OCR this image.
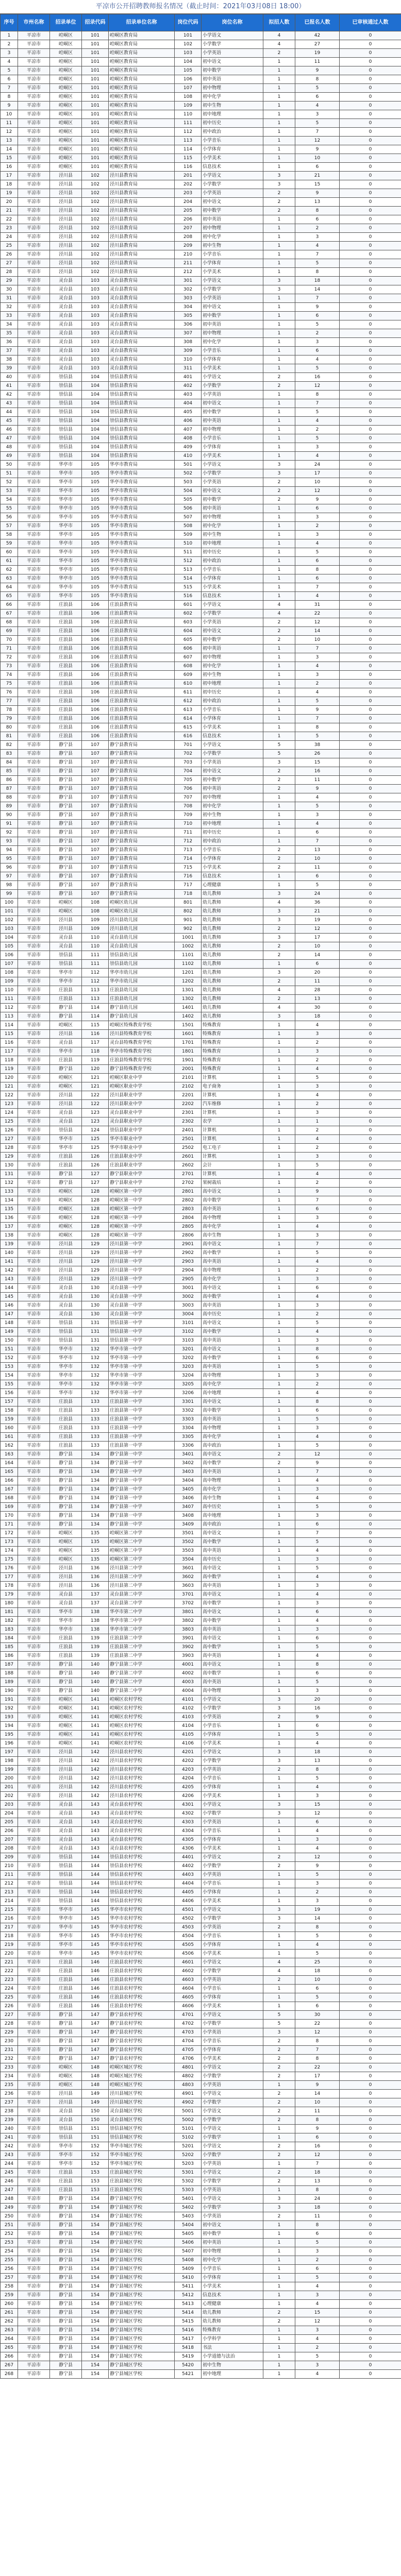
平凉市公开招聘教师报名情况（截止时间：2021年03月08日 18:00）
序号	市州名称	招录单位	招录代码	招录单位名称	岗位代码	岗位名称	拟招人数	已报名人数	已审核通过人数
1	平凉市	崆峒区	101	崆峒区教育局	101	小学语文	4	42	0
2	平凉市	崆峒区	101	崆峒区教育局	102	小学数学	4	27	0
3	平凉市	崆峒区	101	崆峒区教育局	103	小学英语	2	19	0
4	平凉市	崆峒区	101	崆峒区教育局	104	初中语文	1	11	0
5	平凉市	崆峒区	101	崆峒区教育局	105	初中数学	1	9	0
6	平凉市	崆峒区	101	崆峒区教育局	106	初中英语	1	8	0
7	平凉市	崆峒区	101	崆峒区教育局	107	初中物理	1	5	0
8	平凉市	崆峒区	101	崆峒区教育局	108	初中化学	1	6	0
9	平凉市	崆峒区	101	崆峒区教育局	109	初中生物	1	4	0
10	平凉市	崆峒区	101	崆峒区教育局	110	初中地理	1	3	0
11	平凉市	崆峒区	101	崆峒区教育局	111	初中历史	1	5	0
12	平凉市	崆峒区	101	崆峒区教育局	112	初中政治	1	7	0
13	平凉市	崆峒区	101	崆峒区教育局	113	小学音乐	1	12	0
14	平凉市	崆峒区	101	崆峒区教育局	114	小学体育	1	9	0
15	平凉市	崆峒区	101	崆峒区教育局	115	小学美术	1	10	0
16	平凉市	崆峒区	101	崆峒区教育局	116	信息技术	1	6	0
17	平凉市	泾川县	102	泾川县教育局	201	小学语文	3	21	0
18	平凉市	泾川县	102	泾川县教育局	202	小学数学	3	15	0
19	平凉市	泾川县	102	泾川县教育局	203	小学英语	2	9	0
20	平凉市	泾川县	102	泾川县教育局	204	初中语文	2	13	0
21	平凉市	泾川县	102	泾川县教育局	205	初中数学	2	8	0
22	平凉市	泾川县	102	泾川县教育局	206	初中英语	1	6	0
23	平凉市	泾川县	102	泾川县教育局	207	初中物理	1	2	0
24	平凉市	泾川县	102	泾川县教育局	208	初中化学	1	3	0
25	平凉市	泾川县	102	泾川县教育局	209	初中生物	1	4	0
26	平凉市	泾川县	102	泾川县教育局	210	小学音乐	1	7	0
27	平凉市	泾川县	102	泾川县教育局	211	小学体育	1	5	0
28	平凉市	泾川县	102	泾川县教育局	212	小学美术	1	8	0
29	平凉市	灵台县	103	灵台县教育局	301	小学语文	3	18	0
30	平凉市	灵台县	103	灵台县教育局	302	小学数学	3	14	0
31	平凉市	灵台县	103	灵台县教育局	303	小学英语	1	7	0
32	平凉市	灵台县	103	灵台县教育局	304	初中语文	1	9	0
33	平凉市	灵台县	103	灵台县教育局	305	初中数学	1	6	0
34	平凉市	灵台县	103	灵台县教育局	306	初中英语	1	5	0
35	平凉市	灵台县	103	灵台县教育局	307	初中物理	1	2	0
36	平凉市	灵台县	103	灵台县教育局	308	初中化学	1	3	0
37	平凉市	灵台县	103	灵台县教育局	309	小学音乐	1	6	0
38	平凉市	灵台县	103	灵台县教育局	310	小学体育	1	4	0
39	平凉市	灵台县	103	灵台县教育局	311	小学美术	1	5	0
40	平凉市	崇信县	104	崇信县教育局	401	小学语文	2	16	0
41	平凉市	崇信县	104	崇信县教育局	402	小学数学	2	12	0
42	平凉市	崇信县	104	崇信县教育局	403	小学英语	1	8	0
43	平凉市	崇信县	104	崇信县教育局	404	初中语文	1	7	0
44	平凉市	崇信县	104	崇信县教育局	405	初中数学	1	5	0
45	平凉市	崇信县	104	崇信县教育局	406	初中英语	1	4	0
46	平凉市	崇信县	104	崇信县教育局	407	初中物理	1	2	0
47	平凉市	崇信县	104	崇信县教育局	408	小学音乐	1	5	0
48	平凉市	崇信县	104	崇信县教育局	409	小学体育	1	3	0
49	平凉市	崇信县	104	崇信县教育局	410	小学美术	1	4	0
50	平凉市	华亭市	105	华亭市教育局	501	小学语文	3	24	0
51	平凉市	华亭市	105	华亭市教育局	502	小学数学	3	17	0
52	平凉市	华亭市	105	华亭市教育局	503	小学英语	2	10	0
53	平凉市	华亭市	105	华亭市教育局	504	初中语文	2	12	0
54	平凉市	华亭市	105	华亭市教育局	505	初中数学	2	9	0
55	平凉市	华亭市	105	华亭市教育局	506	初中英语	1	6	0
56	平凉市	华亭市	105	华亭市教育局	507	初中物理	1	3	0
57	平凉市	华亭市	105	华亭市教育局	508	初中化学	1	2	0
58	平凉市	华亭市	105	华亭市教育局	509	初中生物	1	3	0
59	平凉市	华亭市	105	华亭市教育局	510	初中地理	1	4	0
60	平凉市	华亭市	105	华亭市教育局	511	初中历史	1	5	0
61	平凉市	华亭市	105	华亭市教育局	512	初中政治	1	6	0
62	平凉市	华亭市	105	华亭市教育局	513	小学音乐	1	8	0
63	平凉市	华亭市	105	华亭市教育局	514	小学体育	1	6	0
64	平凉市	华亭市	105	华亭市教育局	515	小学美术	1	7	0
65	平凉市	华亭市	105	华亭市教育局	516	信息技术	1	4	0
66	平凉市	庄浪县	106	庄浪县教育局	601	小学语文	4	31	0
67	平凉市	庄浪县	106	庄浪县教育局	602	小学数学	4	22	0
68	平凉市	庄浪县	106	庄浪县教育局	603	小学英语	2	12	0
69	平凉市	庄浪县	106	庄浪县教育局	604	初中语文	2	14	0
70	平凉市	庄浪县	106	庄浪县教育局	605	初中数学	2	10	0
71	平凉市	庄浪县	106	庄浪县教育局	606	初中英语	1	7	0
72	平凉市	庄浪县	106	庄浪县教育局	607	初中物理	1	3	0
73	平凉市	庄浪县	106	庄浪县教育局	608	初中化学	1	4	0
74	平凉市	庄浪县	106	庄浪县教育局	609	初中生物	1	3	0
75	平凉市	庄浪县	106	庄浪县教育局	610	初中地理	1	2	0
76	平凉市	庄浪县	106	庄浪县教育局	611	初中历史	1	4	0
77	平凉市	庄浪县	106	庄浪县教育局	612	初中政治	1	5	0
78	平凉市	庄浪县	106	庄浪县教育局	613	小学音乐	1	9	0
79	平凉市	庄浪县	106	庄浪县教育局	614	小学体育	1	7	0
80	平凉市	庄浪县	106	庄浪县教育局	615	小学美术	1	8	0
81	平凉市	庄浪县	106	庄浪县教育局	616	信息技术	1	5	0
82	平凉市	静宁县	107	静宁县教育局	701	小学语文	5	38	0
83	平凉市	静宁县	107	静宁县教育局	702	小学数学	5	26	0
84	平凉市	静宁县	107	静宁县教育局	703	小学英语	3	15	0
85	平凉市	静宁县	107	静宁县教育局	704	初中语文	2	16	0
86	平凉市	静宁县	107	静宁县教育局	705	初中数学	2	11	0
87	平凉市	静宁县	107	静宁县教育局	706	初中英语	2	9	0
88	平凉市	静宁县	107	静宁县教育局	707	初中物理	1	4	0
89	平凉市	静宁县	107	静宁县教育局	708	初中化学	1	5	0
90	平凉市	静宁县	107	静宁县教育局	709	初中生物	1	3	0
91	平凉市	静宁县	107	静宁县教育局	710	初中地理	1	4	0
92	平凉市	静宁县	107	静宁县教育局	711	初中历史	1	6	0
93	平凉市	静宁县	107	静宁县教育局	712	初中政治	1	7	0
94	平凉市	静宁县	107	静宁县教育局	713	小学音乐	2	13	0
95	平凉市	静宁县	107	静宁县教育局	714	小学体育	2	10	0
96	平凉市	静宁县	107	静宁县教育局	715	小学美术	2	11	0
97	平凉市	静宁县	107	静宁县教育局	716	信息技术	1	6	0
98	平凉市	静宁县	107	静宁县教育局	717	心理健康	1	5	0
99	平凉市	静宁县	107	静宁县教育局	718	幼儿教师	3	24	0
100	平凉市	崆峒区	108	崆峒区幼儿园	801	幼儿教师	4	36	0
101	平凉市	崆峒区	108	崆峒区幼儿园	802	幼儿教师	3	21	0
102	平凉市	泾川县	109	泾川县幼儿园	901	幼儿教师	3	19	0
103	平凉市	泾川县	109	泾川县幼儿园	902	幼儿教师	2	12	0
104	平凉市	灵台县	110	灵台县幼儿园	1001	幼儿教师	3	17	0
105	平凉市	灵台县	110	灵台县幼儿园	1002	幼儿教师	2	10	0
106	平凉市	崇信县	111	崇信县幼儿园	1101	幼儿教师	2	14	0
107	平凉市	崇信县	111	崇信县幼儿园	1102	幼儿教师	1	6	0
108	平凉市	华亭市	112	华亭市幼儿园	1201	幼儿教师	3	20	0
109	平凉市	华亭市	112	华亭市幼儿园	1202	幼儿教师	2	11	0
110	平凉市	庄浪县	113	庄浪县幼儿园	1301	幼儿教师	4	28	0
111	平凉市	庄浪县	113	庄浪县幼儿园	1302	幼儿教师	2	13	0
112	平凉市	静宁县	114	静宁县幼儿园	1401	幼儿教师	4	30	0
113	平凉市	静宁县	114	静宁县幼儿园	1402	幼儿教师	3	18	0
114	平凉市	崆峒区	115	崆峒区特殊教育学校	1501	特殊教育	1	4	0
115	平凉市	泾川县	116	泾川县特殊教育学校	1601	特殊教育	1	3	0
116	平凉市	灵台县	117	灵台县特殊教育学校	1701	特殊教育	1	2	0
117	平凉市	华亭市	118	华亭市特殊教育学校	1801	特殊教育	1	3	0
118	平凉市	庄浪县	119	庄浪县特殊教育学校	1901	特殊教育	1	2	0
119	平凉市	静宁县	120	静宁县特殊教育学校	2001	特殊教育	1	4	0
120	平凉市	崆峒区	121	崆峒区职业中学	2101	计算机	1	5	0
121	平凉市	崆峒区	121	崆峒区职业中学	2102	电子商务	1	3	0
122	平凉市	泾川县	122	泾川县职业中学	2201	计算机	1	4	0
123	平凉市	泾川县	122	泾川县职业中学	2202	汽车维修	1	2	0
124	平凉市	灵台县	123	灵台县职业中学	2301	计算机	1	3	0
125	平凉市	灵台县	123	灵台县职业中学	2302	农学	1	1	0
126	平凉市	崇信县	124	崇信县职业中学	2401	计算机	1	2	0
127	平凉市	华亭市	125	华亭市职业中学	2501	计算机	1	4	0
128	平凉市	华亭市	125	华亭市职业中学	2502	电工电子	1	2	0
129	平凉市	庄浪县	126	庄浪县职业中学	2601	计算机	1	3	0
130	平凉市	庄浪县	126	庄浪县职业中学	2602	会计	1	5	0
131	平凉市	静宁县	127	静宁县职业中学	2701	计算机	1	4	0
132	平凉市	静宁县	127	静宁县职业中学	2702	果树栽培	1	2	0
133	平凉市	崆峒区	128	崆峒区第一中学	2801	高中语文	1	9	0
134	平凉市	崆峒区	128	崆峒区第一中学	2802	高中数学	1	7	0
135	平凉市	崆峒区	128	崆峒区第一中学	2803	高中英语	1	6	0
136	平凉市	崆峒区	128	崆峒区第一中学	2804	高中物理	1	3	0
137	平凉市	崆峒区	128	崆峒区第一中学	2805	高中化学	1	4	0
138	平凉市	崆峒区	128	崆峒区第一中学	2806	高中生物	1	3	0
139	平凉市	泾川县	129	泾川县第一中学	2901	高中语文	1	7	0
140	平凉市	泾川县	129	泾川县第一中学	2902	高中数学	1	5	0
141	平凉市	泾川县	129	泾川县第一中学	2903	高中英语	1	4	0
142	平凉市	泾川县	129	泾川县第一中学	2904	高中物理	1	2	0
143	平凉市	泾川县	129	泾川县第一中学	2905	高中化学	1	3	0
144	平凉市	灵台县	130	灵台县第一中学	3001	高中语文	1	6	0
145	平凉市	灵台县	130	灵台县第一中学	3002	高中数学	1	4	0
146	平凉市	灵台县	130	灵台县第一中学	3003	高中英语	1	3	0
147	平凉市	灵台县	130	灵台县第一中学	3004	高中历史	1	2	0
148	平凉市	崇信县	131	崇信县第一中学	3101	高中语文	1	5	0
149	平凉市	崇信县	131	崇信县第一中学	3102	高中数学	1	4	0
150	平凉市	崇信县	131	崇信县第一中学	3103	高中英语	1	3	0
151	平凉市	华亭市	132	华亭市第一中学	3201	高中语文	1	8	0
152	平凉市	华亭市	132	华亭市第一中学	3202	高中数学	1	6	0
153	平凉市	华亭市	132	华亭市第一中学	3203	高中英语	1	5	0
154	平凉市	华亭市	132	华亭市第一中学	3204	高中物理	1	3	0
155	平凉市	华亭市	132	华亭市第一中学	3205	高中化学	1	2	0
156	平凉市	华亭市	132	华亭市第一中学	3206	高中地理	1	4	0
157	平凉市	庄浪县	133	庄浪县第一中学	3301	高中语文	1	8	0
158	平凉市	庄浪县	133	庄浪县第一中学	3302	高中数学	1	6	0
159	平凉市	庄浪县	133	庄浪县第一中学	3303	高中英语	1	5	0
160	平凉市	庄浪县	133	庄浪县第一中学	3304	高中物理	1	3	0
161	平凉市	庄浪县	133	庄浪县第一中学	3305	高中化学	1	4	0
162	平凉市	庄浪县	133	庄浪县第一中学	3306	高中政治	1	5	0
163	平凉市	静宁县	134	静宁县第一中学	3401	高中语文	2	12	0
164	平凉市	静宁县	134	静宁县第一中学	3402	高中数学	2	9	0
165	平凉市	静宁县	134	静宁县第一中学	3403	高中英语	1	7	0
166	平凉市	静宁县	134	静宁县第一中学	3404	高中物理	1	4	0
167	平凉市	静宁县	134	静宁县第一中学	3405	高中化学	1	3	0
168	平凉市	静宁县	134	静宁县第一中学	3406	高中生物	1	4	0
169	平凉市	静宁县	134	静宁县第一中学	3407	高中历史	1	5	0
170	平凉市	静宁县	134	静宁县第一中学	3408	高中地理	1	3	0
171	平凉市	静宁县	134	静宁县第一中学	3409	高中政治	1	6	0
172	平凉市	崆峒区	135	崆峒区第二中学	3501	高中语文	1	7	0
173	平凉市	崆峒区	135	崆峒区第二中学	3502	高中数学	1	5	0
174	平凉市	崆峒区	135	崆峒区第二中学	3503	高中英语	1	4	0
175	平凉市	崆峒区	135	崆峒区第二中学	3504	高中历史	1	3	0
176	平凉市	泾川县	136	泾川县第二中学	3601	高中语文	1	5	0
177	平凉市	泾川县	136	泾川县第二中学	3602	高中数学	1	4	0
178	平凉市	泾川县	136	泾川县第二中学	3603	高中英语	1	3	0
179	平凉市	灵台县	137	灵台县第二中学	3701	高中语文	1	4	0
180	平凉市	灵台县	137	灵台县第二中学	3702	高中数学	1	3	0
181	平凉市	华亭市	138	华亭市第二中学	3801	高中语文	1	6	0
182	平凉市	华亭市	138	华亭市第二中学	3802	高中数学	1	4	0
183	平凉市	华亭市	138	华亭市第二中学	3803	高中英语	1	3	0
184	平凉市	庄浪县	139	庄浪县第二中学	3901	高中语文	1	6	0
185	平凉市	庄浪县	139	庄浪县第二中学	3902	高中数学	1	5	0
186	平凉市	庄浪县	139	庄浪县第二中学	3903	高中英语	1	4	0
187	平凉市	静宁县	140	静宁县第二中学	4001	高中语文	1	8	0
188	平凉市	静宁县	140	静宁县第二中学	4002	高中数学	1	6	0
189	平凉市	静宁县	140	静宁县第二中学	4003	高中英语	1	5	0
190	平凉市	静宁县	140	静宁县第二中学	4004	高中物理	1	3	0
191	平凉市	崆峒区	141	崆峒区农村学校	4101	小学语文	3	20	0
192	平凉市	崆峒区	141	崆峒区农村学校	4102	小学数学	3	16	0
193	平凉市	崆峒区	141	崆峒区农村学校	4103	小学英语	2	9	0
194	平凉市	崆峒区	141	崆峒区农村学校	4104	小学音乐	1	6	0
195	平凉市	崆峒区	141	崆峒区农村学校	4105	小学体育	1	5	0
196	平凉市	崆峒区	141	崆峒区农村学校	4106	小学美术	1	4	0
197	平凉市	泾川县	142	泾川县农村学校	4201	小学语文	3	18	0
198	平凉市	泾川县	142	泾川县农村学校	4202	小学数学	3	13	0
199	平凉市	泾川县	142	泾川县农村学校	4203	小学英语	2	8	0
200	平凉市	泾川县	142	泾川县农村学校	4204	小学音乐	1	5	0
201	平凉市	泾川县	142	泾川县农村学校	4205	小学体育	1	4	0
202	平凉市	泾川县	142	泾川县农村学校	4206	小学美术	1	3	0
203	平凉市	灵台县	143	灵台县农村学校	4301	小学语文	3	15	0
204	平凉市	灵台县	143	灵台县农村学校	4302	小学数学	3	12	0
205	平凉市	灵台县	143	灵台县农村学校	4303	小学英语	1	6	0
206	平凉市	灵台县	143	灵台县农村学校	4304	小学音乐	1	4	0
207	平凉市	灵台县	143	灵台县农村学校	4305	小学体育	1	3	0
208	平凉市	灵台县	143	灵台县农村学校	4306	小学美术	1	4	0
209	平凉市	崇信县	144	崇信县农村学校	4401	小学语文	2	12	0
210	平凉市	崇信县	144	崇信县农村学校	4402	小学数学	2	9	0
211	平凉市	崇信县	144	崇信县农村学校	4403	小学英语	1	5	0
212	平凉市	崇信县	144	崇信县农村学校	4404	小学音乐	1	3	0
213	平凉市	崇信县	144	崇信县农村学校	4405	小学体育	1	2	0
214	平凉市	崇信县	144	崇信县农村学校	4406	小学美术	1	3	0
215	平凉市	华亭市	145	华亭市农村学校	4501	小学语文	3	19	0
216	平凉市	华亭市	145	华亭市农村学校	4502	小学数学	3	14	0
217	平凉市	华亭市	145	华亭市农村学校	4503	小学英语	2	8	0
218	平凉市	华亭市	145	华亭市农村学校	4504	小学音乐	1	5	0
219	平凉市	华亭市	145	华亭市农村学校	4505	小学体育	1	4	0
220	平凉市	华亭市	145	华亭市农村学校	4506	小学美术	1	5	0
221	平凉市	庄浪县	146	庄浪县农村学校	4601	小学语文	4	25	0
222	平凉市	庄浪县	146	庄浪县农村学校	4602	小学数学	4	18	0
223	平凉市	庄浪县	146	庄浪县农村学校	4603	小学英语	2	10	0
224	平凉市	庄浪县	146	庄浪县农村学校	4604	小学音乐	1	6	0
225	平凉市	庄浪县	146	庄浪县农村学校	4605	小学体育	1	5	0
226	平凉市	庄浪县	146	庄浪县农村学校	4606	小学美术	1	6	0
227	平凉市	静宁县	147	静宁县农村学校	4701	小学语文	5	30	0
228	平凉市	静宁县	147	静宁县农村学校	4702	小学数学	5	22	0
229	平凉市	静宁县	147	静宁县农村学校	4703	小学英语	3	12	0
230	平凉市	静宁县	147	静宁县农村学校	4704	小学音乐	2	8	0
231	平凉市	静宁县	147	静宁县农村学校	4705	小学体育	2	7	0
232	平凉市	静宁县	147	静宁县农村学校	4706	小学美术	2	8	0
233	平凉市	崆峒区	148	崆峒区城区学校	4801	小学语文	2	22	0
234	平凉市	崆峒区	148	崆峒区城区学校	4802	小学数学	2	17	0
235	平凉市	崆峒区	148	崆峒区城区学校	4803	小学英语	1	9	0
236	平凉市	泾川县	149	泾川县城区学校	4901	小学语文	2	14	0
237	平凉市	泾川县	149	泾川县城区学校	4902	小学数学	2	10	0
238	平凉市	灵台县	150	灵台县城区学校	5001	小学语文	2	11	0
239	平凉市	灵台县	150	灵台县城区学校	5002	小学数学	2	8	0
240	平凉市	崇信县	151	崇信县城区学校	5101	小学语文	1	9	0
241	平凉市	崇信县	151	崇信县城区学校	5102	小学数学	1	6	0
242	平凉市	华亭市	152	华亭市城区学校	5201	小学语文	2	16	0
243	平凉市	华亭市	152	华亭市城区学校	5202	小学数学	2	12	0
244	平凉市	华亭市	152	华亭市城区学校	5203	小学英语	1	7	0
245	平凉市	庄浪县	153	庄浪县城区学校	5301	小学语文	2	18	0
246	平凉市	庄浪县	153	庄浪县城区学校	5302	小学数学	2	13	0
247	平凉市	庄浪县	153	庄浪县城区学校	5303	小学英语	1	8	0
248	平凉市	静宁县	154	静宁县城区学校	5401	小学语文	3	24	0
249	平凉市	静宁县	154	静宁县城区学校	5402	小学数学	3	18	0
250	平凉市	静宁县	154	静宁县城区学校	5403	小学英语	2	11	0
251	平凉市	静宁县	154	静宁县城区学校	5404	初中语文	1	8	0
252	平凉市	静宁县	154	静宁县城区学校	5405	初中数学	1	6	0
253	平凉市	静宁县	154	静宁县城区学校	5406	初中英语	1	5	0
254	平凉市	静宁县	154	静宁县城区学校	5407	初中物理	1	3	0
255	平凉市	静宁县	154	静宁县城区学校	5408	初中化学	1	2	0
256	平凉市	静宁县	154	静宁县城区学校	5409	小学音乐	1	6	0
257	平凉市	静宁县	154	静宁县城区学校	5410	小学体育	1	5	0
258	平凉市	静宁县	154	静宁县城区学校	5411	小学美术	1	4	0
259	平凉市	静宁县	154	静宁县城区学校	5412	信息技术	1	3	0
260	平凉市	静宁县	154	静宁县城区学校	5413	心理健康	1	4	0
261	平凉市	静宁县	154	静宁县城区学校	5414	幼儿教师	2	15	0
262	平凉市	静宁县	154	静宁县城区学校	5415	幼儿教师	2	12	0
263	平凉市	静宁县	154	静宁县城区学校	5416	特殊教育	1	3	0
264	平凉市	静宁县	154	静宁县城区学校	5417	小学科学	1	4	0
265	平凉市	静宁县	154	静宁县城区学校	5418	书法	1	2	0
266	平凉市	静宁县	154	静宁县城区学校	5419	小学道德与法治	1	5	0
267	平凉市	静宁县	154	静宁县城区学校	5420	初中生物	1	3	0
268	平凉市	静宁县	154	静宁县城区学校	5421	初中地理	1	4	0
